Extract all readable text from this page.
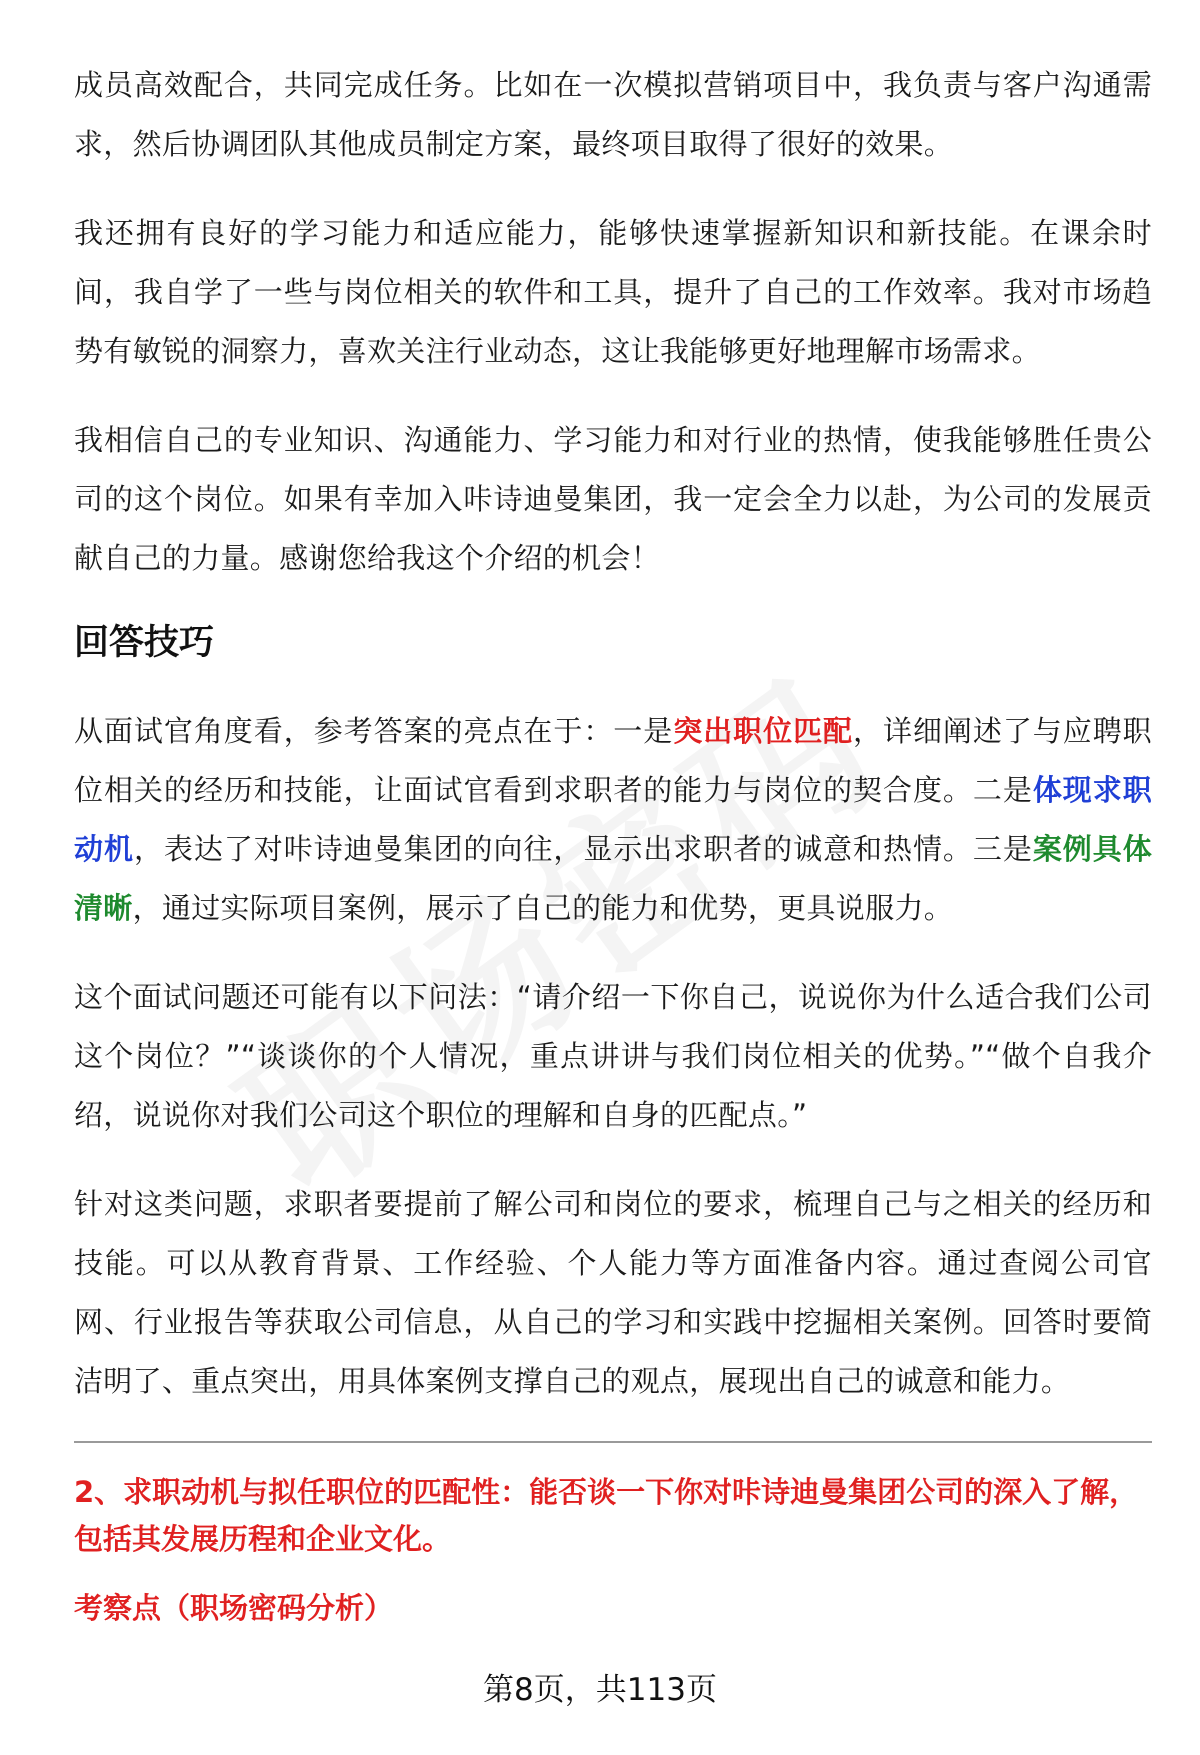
成员高效配合，共同完成任务。比如在一次模拟营销项目中，我负责与客户沟通需求，然后协调团队其他成员制定方案，最终项目取得了很好的效果。

我还拥有良好的学习能力和适应能力，能够快速掌握新知识和新技能。在课余时间，我自学了一些与岗位相关的软件和工具，提升了自己的工作效率。我对市场趋势有敏锐的洞察力，喜欢关注行业动态，这让我能够更好地理解市场需求。

我相信自己的专业知识、沟通能力、学习能力和对行业的热情，使我能够胜任贵公司的这个岗位。如果有幸加入咔诗迪曼集团，我一定会全力以赴，为公司的发展贡献自己的力量。感谢您给我这个介绍的机会！

回答技巧

从面试官角度看，参考答案的亮点在于：一是突出职位匹配，详细阐述了与应聘职位相关的经历和技能，让面试官看到求职者的能力与岗位的契合度。二是体现求职动机，表达了对咔诗迪曼集团的向往，显示出求职者的诚意和热情。三是案例具体清晰，通过实际项目案例，展示了自己的能力和优势，更具说服力。

这个面试问题还可能有以下问法：“请介绍一下你自己，说说你为什么适合我们公司这个岗位？”“谈谈你的个人情况，重点讲讲与我们岗位相关的优势。”“做个自我介绍，说说你对我们公司这个职位的理解和自身的匹配点。”

针对这类问题，求职者要提前了解公司和岗位的要求，梳理自己与之相关的经历和技能。可以从教育背景、工作经验、个人能力等方面准备内容。通过查阅公司官网、行业报告等获取公司信息，从自己的学习和实践中挖掘相关案例。回答时要简洁明了、重点突出，用具体案例支撑自己的观点，展现出自己的诚意和能力。

2、求职动机与拟任职位的匹配性：能否谈一下你对咔诗迪曼集团公司的深入了解，包括其发展历程和企业文化。
考察点（职场密码分析）
第8页，共113页
